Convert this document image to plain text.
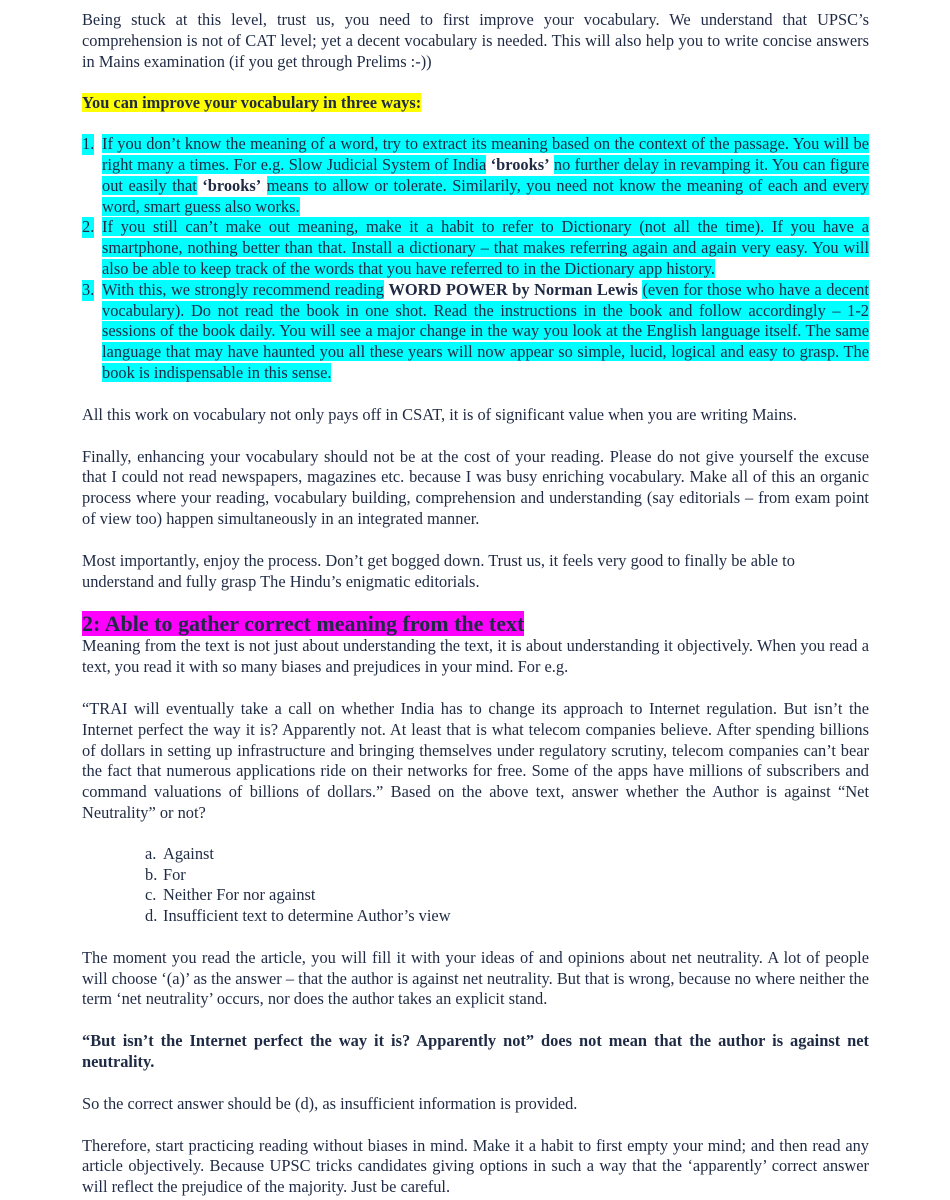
Being stuck at this level, trust us, you need to first improve your vocabulary. We understand that UPSC’s comprehension is not of CAT level; yet a decent vocabulary is needed. This will also help you to write concise answers in Mains examination (if you get through Prelims :-))

You can improve your vocabulary in three ways:

1. If you don’t know the meaning of a word, try to extract its meaning based on the context of the passage. You will be right many a times. For e.g. Slow Judicial System of India ‘brooks’ no further delay in revamping it. You can figure out easily that ‘brooks’ means to allow or tolerate. Similarily, you need not know the meaning of each and every word, smart guess also works.
2. If you still can’t make out meaning, make it a habit to refer to Dictionary (not all the time). If you have a smartphone, nothing better than that. Install a dictionary – that makes referring again and again very easy. You will also be able to keep track of the words that you have referred to in the Dictionary app history.
3. With this, we strongly recommend reading WORD POWER by Norman Lewis (even for those who have a decent vocabulary). Do not read the book in one shot. Read the instructions in the book and follow accordingly – 1-2 sessions of the book daily. You will see a major change in the way you look at the English language itself. The same language that may have haunted you all these years will now appear so simple, lucid, logical and easy to grasp. The book is indispensable in this sense.

All this work on vocabulary not only pays off in CSAT, it is of significant value when you are writing Mains.

Finally, enhancing your vocabulary should not be at the cost of your reading. Please do not give yourself the excuse that I could not read newspapers, magazines etc. because I was busy enriching vocabulary. Make all of this an organic process where your reading, vocabulary building, comprehension and understanding (say editorials – from exam point of view too) happen simultaneously in an integrated manner.

Most importantly, enjoy the process. Don’t get bogged down. Trust us, it feels very good to finally be able to understand and fully grasp The Hindu’s enigmatic editorials.

2: Able to gather correct meaning from the text

Meaning from the text is not just about understanding the text, it is about understanding it objectively. When you read a text, you read it with so many biases and prejudices in your mind. For e.g.

“TRAI will eventually take a call on whether India has to change its approach to Internet regulation. But isn’t the Internet perfect the way it is? Apparently not. At least that is what telecom companies believe. After spending billions of dollars in setting up infrastructure and bringing themselves under regulatory scrutiny, telecom companies can’t bear the fact that numerous applications ride on their networks for free. Some of the apps have millions of subscribers and command valuations of billions of dollars.” Based on the above text, answer whether the Author is against “Net Neutrality” or not?

a. Against
b. For
c. Neither For nor against
d. Insufficient text to determine Author’s view

The moment you read the article, you will fill it with your ideas of and opinions about net neutrality. A lot of people will choose ‘(a)’ as the answer – that the author is against net neutrality. But that is wrong, because no where neither the term ‘net neutrality’ occurs, nor does the author takes an explicit stand.

“But isn’t the Internet perfect the way it is? Apparently not” does not mean that the author is against net neutrality.

So the correct answer should be (d), as insufficient information is provided.

Therefore, start practicing reading without biases in mind. Make it a habit to first empty your mind; and then read any article objectively. Because UPSC tricks candidates giving options in such a way that the ‘apparently’ correct answer will reflect the prejudice of the majority. Just be careful.
